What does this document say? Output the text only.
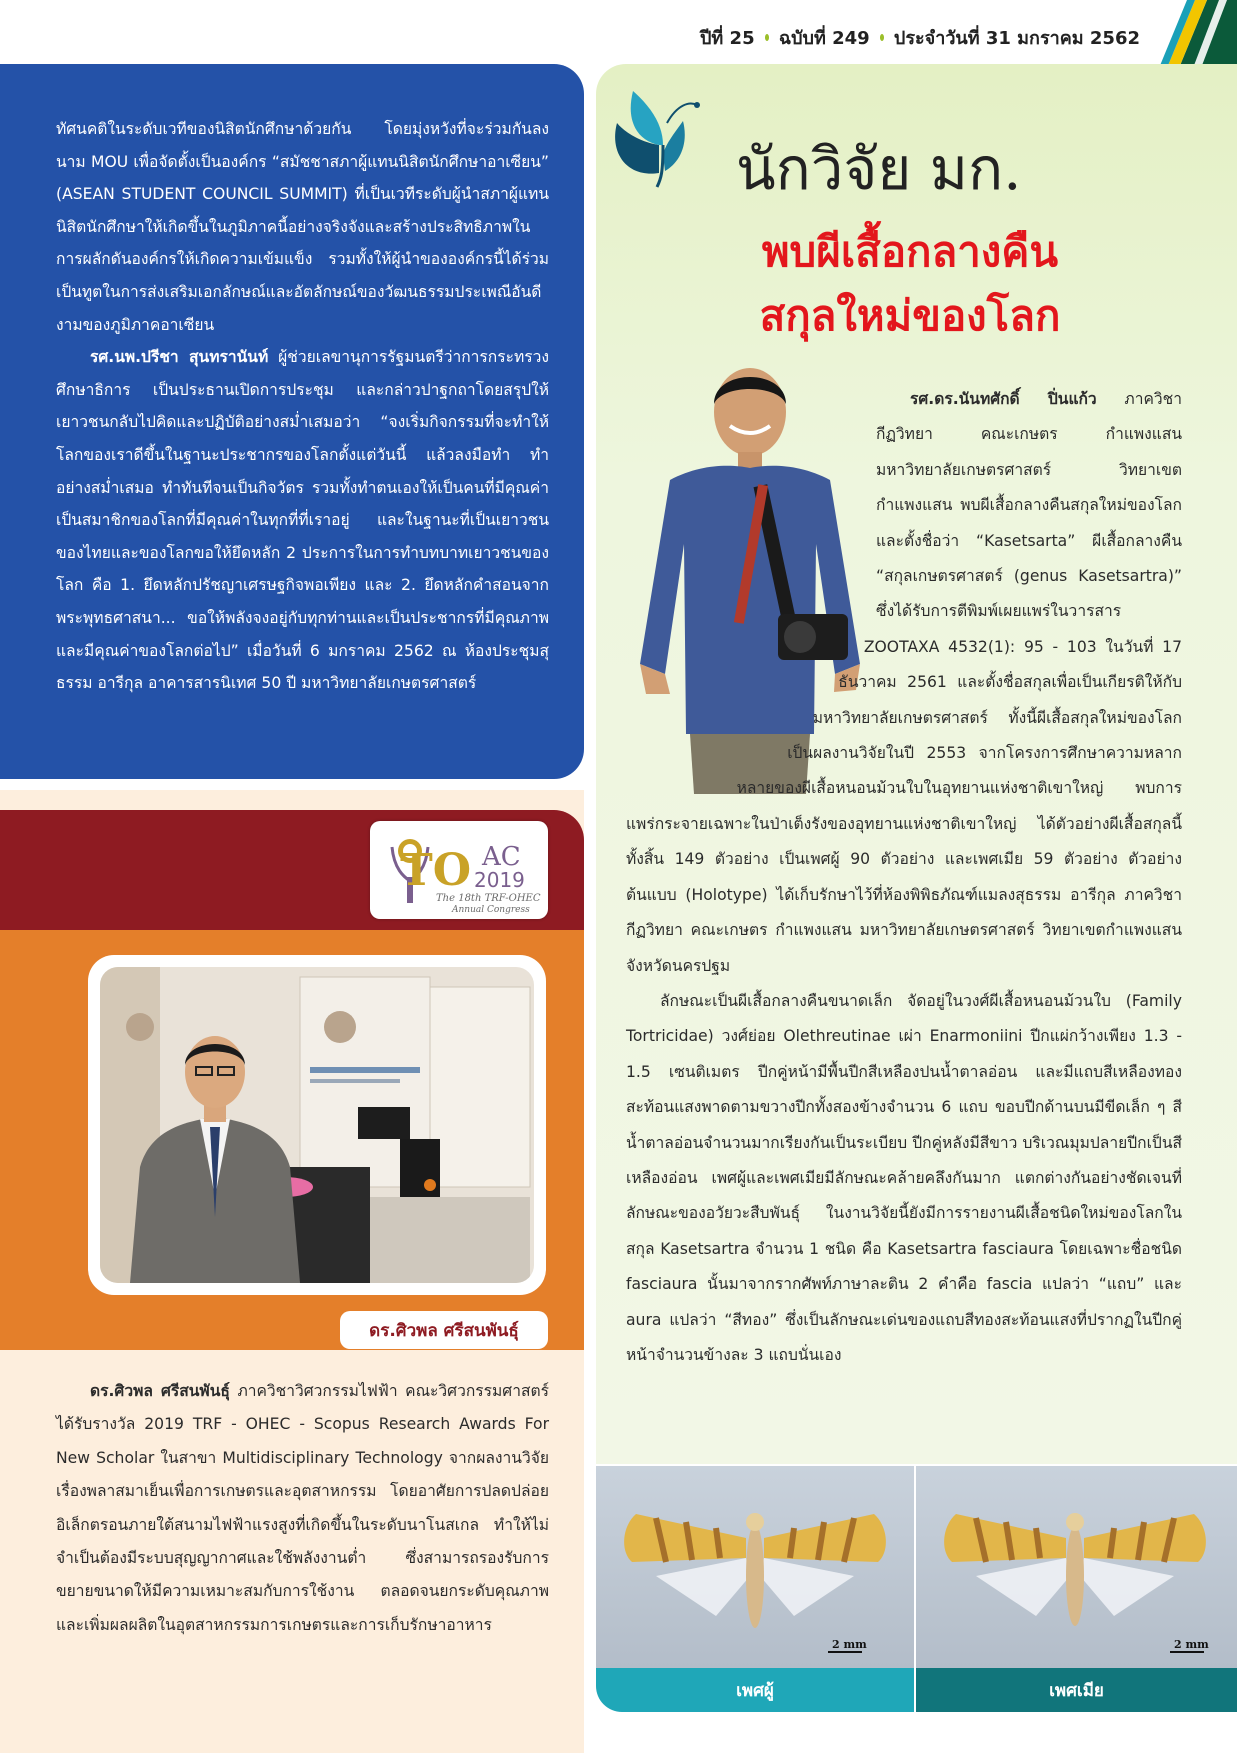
ปีที่ 25 ฉบับที่ 249 ประจำวันที่ 31 มกราคม 2562

ทัศนคติในระดับเวทีของนิสิตนักศึกษาด้วยกัน โดยมุ่งหวังที่จะร่วมกันลงนาม MOU เพื่อจัดตั้งเป็นองค์กร “สมัชชาสภาผู้แทนนิสิตนักศึกษาอาเซียน” (ASEAN STUDENT COUNCIL SUMMIT) ที่เป็นเวทีระดับผู้นำสภาผู้แทนนิสิตนักศึกษาให้เกิดขึ้นในภูมิภาคนี้อย่างจริงจังและสร้างประสิทธิภาพในการผลักดันองค์กรให้เกิดความเข้มแข็ง รวมทั้งให้ผู้นำขององค์กรนี้ได้ร่วมเป็นทูตในการส่งเสริมเอกลักษณ์และอัตลักษณ์ของวัฒนธรรมประเพณีอันดีงามของภูมิภาคอาเซียน

รศ.นพ.ปรีชา สุนทรานันท์ ผู้ช่วยเลขานุการรัฐมนตรีว่าการกระทรวงศึกษาธิการ เป็นประธานเปิดการประชุม และกล่าวปาฐกถาโดยสรุปให้เยาวชนกลับไปคิดและปฏิบัติอย่างสม่ำเสมอว่า “จงเริ่มกิจกรรมที่จะทำให้โลกของเราดีขึ้นในฐานะประชากรของโลกตั้งแต่วันนี้ แล้วลงมือทำ ทำอย่างสม่ำเสมอ ทำทันทีจนเป็นกิจวัตร รวมทั้งทำตนเองให้เป็นคนที่มีคุณค่า เป็นสมาชิกของโลกที่มีคุณค่าในทุกที่ที่เราอยู่ และในฐานะที่เป็นเยาวชนของไทยและของโลกขอให้ยึดหลัก 2 ประการในการทำบทบาทเยาวชนของโลก คือ 1. ยึดหลักปรัชญาเศรษฐกิจพอเพียง และ 2. ยึดหลักคำสอนจากพระพุทธศาสนา... ขอให้พลังจงอยู่กับทุกท่านและเป็นประชากรที่มีคุณภาพและมีคุณค่าของโลกต่อไป” เมื่อวันที่ 6 มกราคม 2562 ณ ห้องประชุมสุธรรม อารีกุล อาคารสารนิเทศ 50 ปี มหาวิทยาลัยเกษตรศาสตร์

TO AC
2019
The 18th TRF-OHEC
Annual Congress
ดร.ศิวพล ศรีสนพันธุ์

ดร.ศิวพล ศรีสนพันธุ์ ภาควิชาวิศวกรรมไฟฟ้า คณะวิศวกรรมศาสตร์ ได้รับรางวัล 2019 TRF - OHEC - Scopus Research Awards For New Scholar ในสาขา Multidisciplinary Technology จากผลงานวิจัยเรื่องพลาสมาเย็นเพื่อการเกษตรและอุตสาหกรรม โดยอาศัยการปลดปล่อยอิเล็กตรอนภายใต้สนามไฟฟ้าแรงสูงที่เกิดขึ้นในระดับนาโนสเกล ทำให้ไม่จำเป็นต้องมีระบบสุญญากาศและใช้พลังงานต่ำ ซึ่งสามารถรองรับการขยายขนาดให้มีความเหมาะสมกับการใช้งาน ตลอดจนยกระดับคุณภาพและเพิ่มผลผลิตในอุตสาหกรรมการเกษตรและการเก็บรักษาอาหาร

นักวิจัย มก.
พบผีเสื้อกลางคืน
สกุลใหม่ของโลก

รศ.ดร.นันทศักดิ์ ปิ่นแก้ว ภาควิชากีฏวิทยา คณะเกษตร กำแพงแสน มหาวิทยาลัยเกษตรศาสตร์ วิทยาเขตกำแพงแสน พบผีเสื้อกลางคืนสกุลใหม่ของโลก และตั้งชื่อว่า “Kasetsarta” ผีเสื้อกลางคืน “สกุลเกษตรศาสตร์ (genus Kasetsartra)” ซึ่งได้รับการตีพิมพ์เผยแพร่ในวารสาร ZOOTAXA 4532(1): 95 - 103 ในวันที่ 17 ธันวาคม 2561 และตั้งชื่อสกุลเพื่อเป็นเกียรติให้กับมหาวิทยาลัยเกษตรศาสตร์ ทั้งนี้ผีเสื้อสกุลใหม่ของโลกเป็นผลงานวิจัยในปี 2553 จากโครงการศึกษาความหลากหลายของผีเสื้อหนอนม้วนใบในอุทยานแห่งชาติเขาใหญ่ พบการแพร่กระจายเฉพาะในป่าเต็งรังของอุทยานแห่งชาติเขาใหญ่ ได้ตัวอย่างผีเสื้อสกุลนี้ทั้งสิ้น 149 ตัวอย่าง เป็นเพศผู้ 90 ตัวอย่าง และเพศเมีย 59 ตัวอย่าง ตัวอย่างต้นแบบ (Holotype) ได้เก็บรักษาไว้ที่ห้องพิพิธภัณฑ์แมลงสุธรรม อารีกุล ภาควิชากีฏวิทยา คณะเกษตร กำแพงแสน มหาวิทยาลัยเกษตรศาสตร์ วิทยาเขตกำแพงแสน จังหวัดนครปฐม

ลักษณะเป็นผีเสื้อกลางคืนขนาดเล็ก จัดอยู่ในวงศ์ผีเสื้อหนอนม้วนใบ (Family Tortricidae) วงศ์ย่อย Olethreutinae เผ่า Enarmoniini ปีกแผ่กว้างเพียง 1.3 - 1.5 เซนติเมตร ปีกคู่หน้ามีพื้นปีกสีเหลืองปนน้ำตาลอ่อน และมีแถบสีเหลืองทองสะท้อนแสงพาดตามขวางปีกทั้งสองข้างจำนวน 6 แถบ ขอบปีกด้านบนมีขีดเล็ก ๆ สีน้ำตาลอ่อนจำนวนมากเรียงกันเป็นระเบียบ ปีกคู่หลังมีสีขาว บริเวณมุมปลายปีกเป็นสีเหลืองอ่อน เพศผู้และเพศเมียมีลักษณะคล้ายคลึงกันมาก แตกต่างกันอย่างชัดเจนที่ลักษณะของอวัยวะสืบพันธุ์ ในงานวิจัยนี้ยังมีการรายงานผีเสื้อชนิดใหม่ของโลกในสกุล Kasetsartra จำนวน 1 ชนิด คือ Kasetsartra fasciaura โดยเฉพาะชื่อชนิด fasciaura นั้นมาจากรากศัพท์ภาษาละติน 2 คำคือ fascia แปลว่า “แถบ” และ aura แปลว่า “สีทอง” ซึ่งเป็นลักษณะเด่นของแถบสีทองสะท้อนแสงที่ปรากฏในปีกคู่หน้าจำนวนข้างละ 3 แถบนั่นเอง

2 mm	2 mm
เพศผู้	เพศเมีย
